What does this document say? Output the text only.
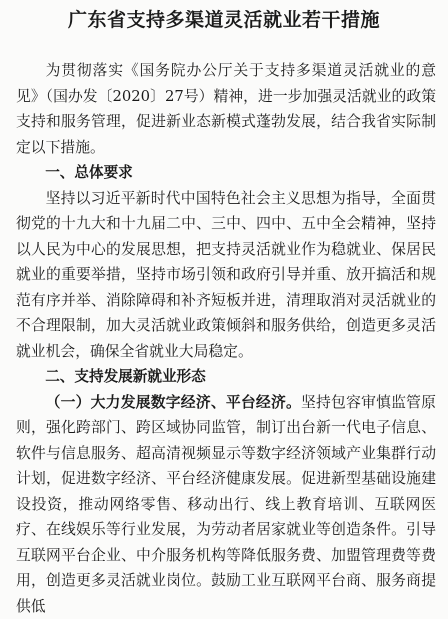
广东省支持多渠道灵活就业若干措施

为贯彻落实《国务院办公厅关于支持多渠道灵活就业的意见》（国办发〔2020〕27号）精神，进一步加强灵活就业的政策支持和服务管理，促进新业态新模式蓬勃发展，结合我省实际制定以下措施。

一、总体要求

坚持以习近平新时代中国特色社会主义思想为指导，全面贯彻党的十九大和十九届二中、三中、四中、五中全会精神，坚持以人民为中心的发展思想，把支持灵活就业作为稳就业、保居民就业的重要举措，坚持市场引领和政府引导并重、放开搞活和规范有序并举、消除障碍和补齐短板并进，清理取消对灵活就业的不合理限制，加大灵活就业政策倾斜和服务供给，创造更多灵活就业机会，确保全省就业大局稳定。

二、支持发展新就业形态

（一）大力发展数字经济、平台经济。坚持包容审慎监管原则，强化跨部门、跨区域协同监管，制订出台新一代电子信息、软件与信息服务、超高清视频显示等数字经济领域产业集群行动计划，促进数字经济、平台经济健康发展。促进新型基础设施建设投资，推动网络零售、移动出行、线上教育培训、互联网医疗、在线娱乐等行业发展，为劳动者居家就业等创造条件。引导互联网平台企业、中介服务机构等降低服务费、加盟管理费等费用，创造更多灵活就业岗位。鼓励工业互联网平台商、服务商提供低
